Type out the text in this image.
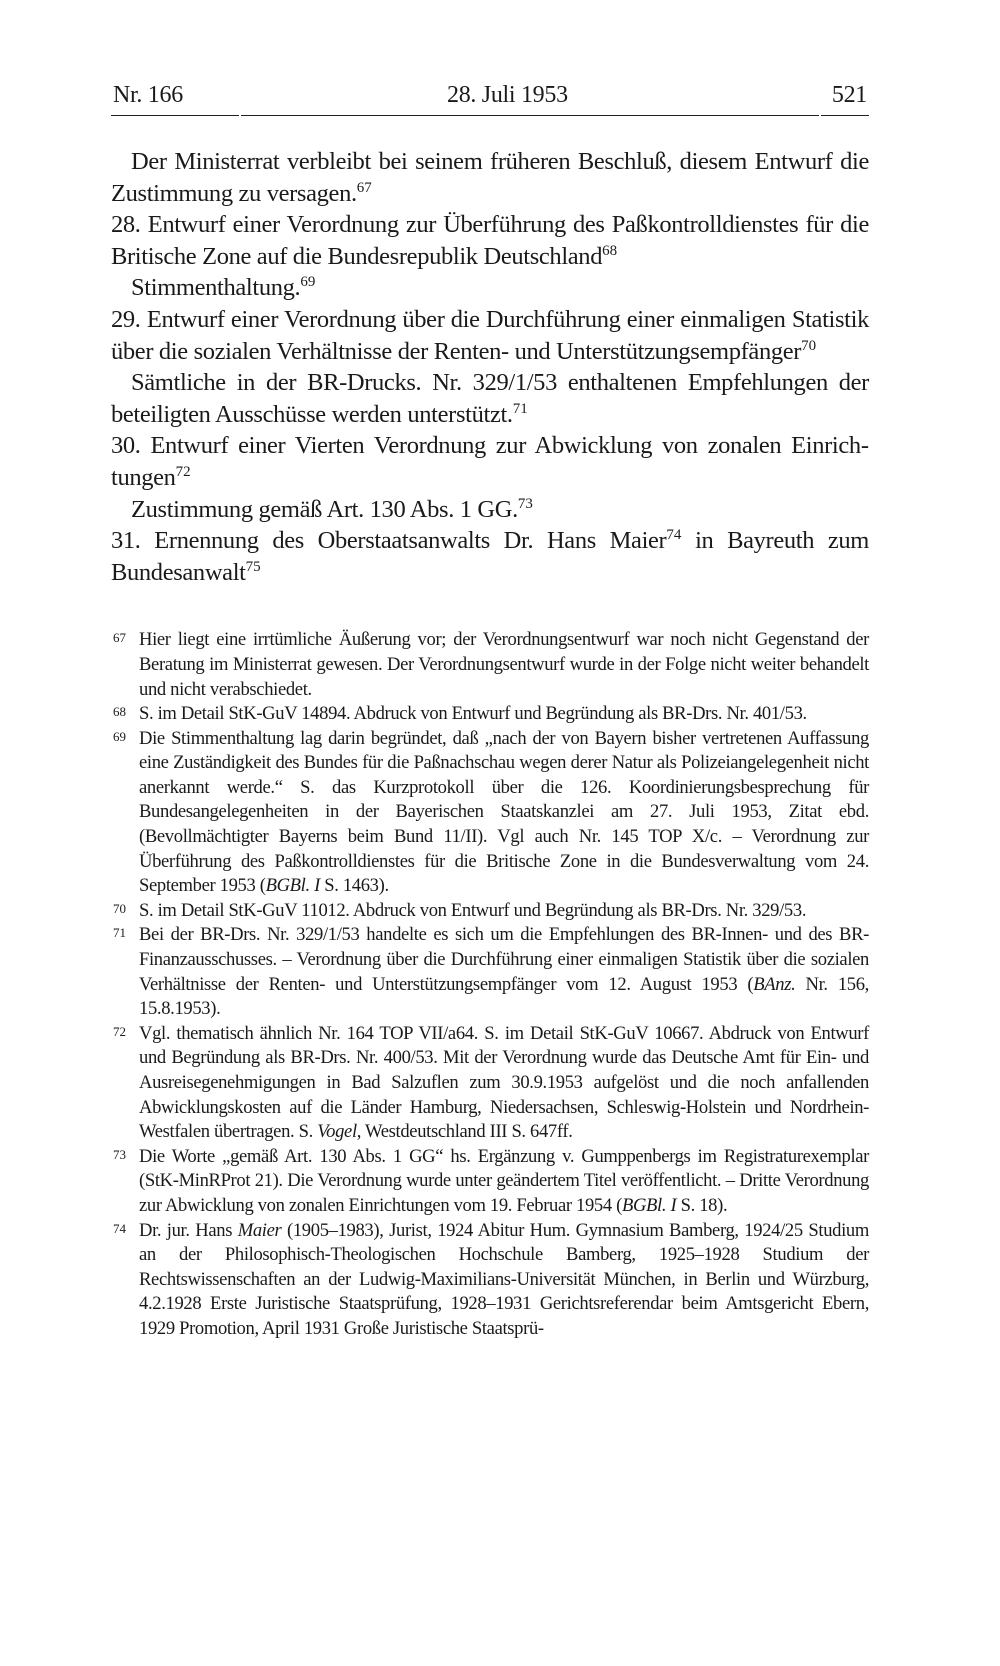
Nr. 166	28. Juli 1953	521

Der Ministerrat verbleibt bei seinem früheren Beschluß, diesem Entwurf die Zustimmung zu versagen.$^{67}$

28. Entwurf einer Verordnung zur Überführung des Paßkontrolldienstes für die Britische Zone auf die Bundesrepublik Deutschland$^{68}$

Stimmenthaltung.$^{69}$

29. Entwurf einer Verordnung über die Durchführung einer einmaligen Statistik über die sozialen Verhältnisse der Renten- und Unterstützungsempfänger$^{70}$

Sämtliche in der BR-Drucks. Nr. 329/1/53 enthaltenen Empfehlungen der beteiligten Ausschüsse werden unterstützt.$^{71}$

30. Entwurf einer Vierten Verordnung zur Abwicklung von zonalen Einrichtungen$^{72}$

Zustimmung gemäß Art. 130 Abs. 1 GG.$^{73}$

31. Ernennung des Oberstaatsanwalts Dr. Hans Maier$^{74}$ in Bayreuth zum Bundesanwalt$^{75}$

67 Hier liegt eine irrtümliche Äußerung vor; der Verordnungsentwurf war noch nicht Gegenstand der Beratung im Ministerrat gewesen. Der Verordnungsentwurf wurde in der Folge nicht weiter behandelt und nicht verabschiedet.
68 S. im Detail StK-GuV 14894. Abdruck von Entwurf und Begründung als BR-Drs. Nr. 401/53.
69 Die Stimmenthaltung lag darin begründet, daß „nach der von Bayern bisher vertretenen Auffassung eine Zuständigkeit des Bundes für die Paßnachschau wegen derer Natur als Polizeiangelegenheit nicht anerkannt werde.“ S. das Kurzprotokoll über die 126. Koordinierungsbesprechung für Bundesangelegenheiten in der Bayerischen Staatskanzlei am 27. Juli 1953, Zitat ebd. (Bevollmächtigter Bayerns beim Bund 11/II). Vgl auch Nr. 145 TOP X/c. – Verordnung zur Überführung des Paßkontrolldienstes für die Britische Zone in die Bundesverwaltung vom 24. September 1953 (BGBl. I S. 1463).
70 S. im Detail StK-GuV 11012. Abdruck von Entwurf und Begründung als BR-Drs. Nr. 329/53.
71 Bei der BR-Drs. Nr. 329/1/53 handelte es sich um die Empfehlungen des BR-Innen- und des BR-Finanzausschusses. – Verordnung über die Durchführung einer einmaligen Statistik über die sozialen Verhältnisse der Renten- und Unterstützungsempfänger vom 12. August 1953 (BAnz. Nr. 156, 15.8.1953).
72 Vgl. thematisch ähnlich Nr. 164 TOP VII/a64. S. im Detail StK-GuV 10667. Abdruck von Entwurf und Begründung als BR-Drs. Nr. 400/53. Mit der Verordnung wurde das Deutsche Amt für Ein- und Ausreisegenehmigungen in Bad Salzuflen zum 30.9.1953 aufgelöst und die noch anfallenden Abwicklungskosten auf die Länder Hamburg, Niedersachsen, Schleswig-Holstein und Nordrhein-Westfalen übertragen. S. Vogel, Westdeutschland III S. 647ff.
73 Die Worte „gemäß Art. 130 Abs. 1 GG“ hs. Ergänzung v. Gumppenbergs im Registraturexemplar (StK-MinRProt 21). Die Verordnung wurde unter geändertem Titel veröffentlicht. – Dritte Verordnung zur Abwicklung von zonalen Einrichtungen vom 19. Februar 1954 (BGBl. I S. 18).
74 Dr. jur. Hans Maier (1905–1983), Jurist, 1924 Abitur Hum. Gymnasium Bamberg, 1924/25 Studium an der Philosophisch-Theologischen Hochschule Bamberg, 1925–1928 Studium der Rechtswissenschaften an der Ludwig-Maximilians-Universität München, in Berlin und Würzburg, 4.2.1928 Erste Juristische Staatsprüfung, 1928–1931 Gerichtsreferendar beim Amtsgericht Ebern, 1929 Promotion, April 1931 Große Juristische Staatsprü-
